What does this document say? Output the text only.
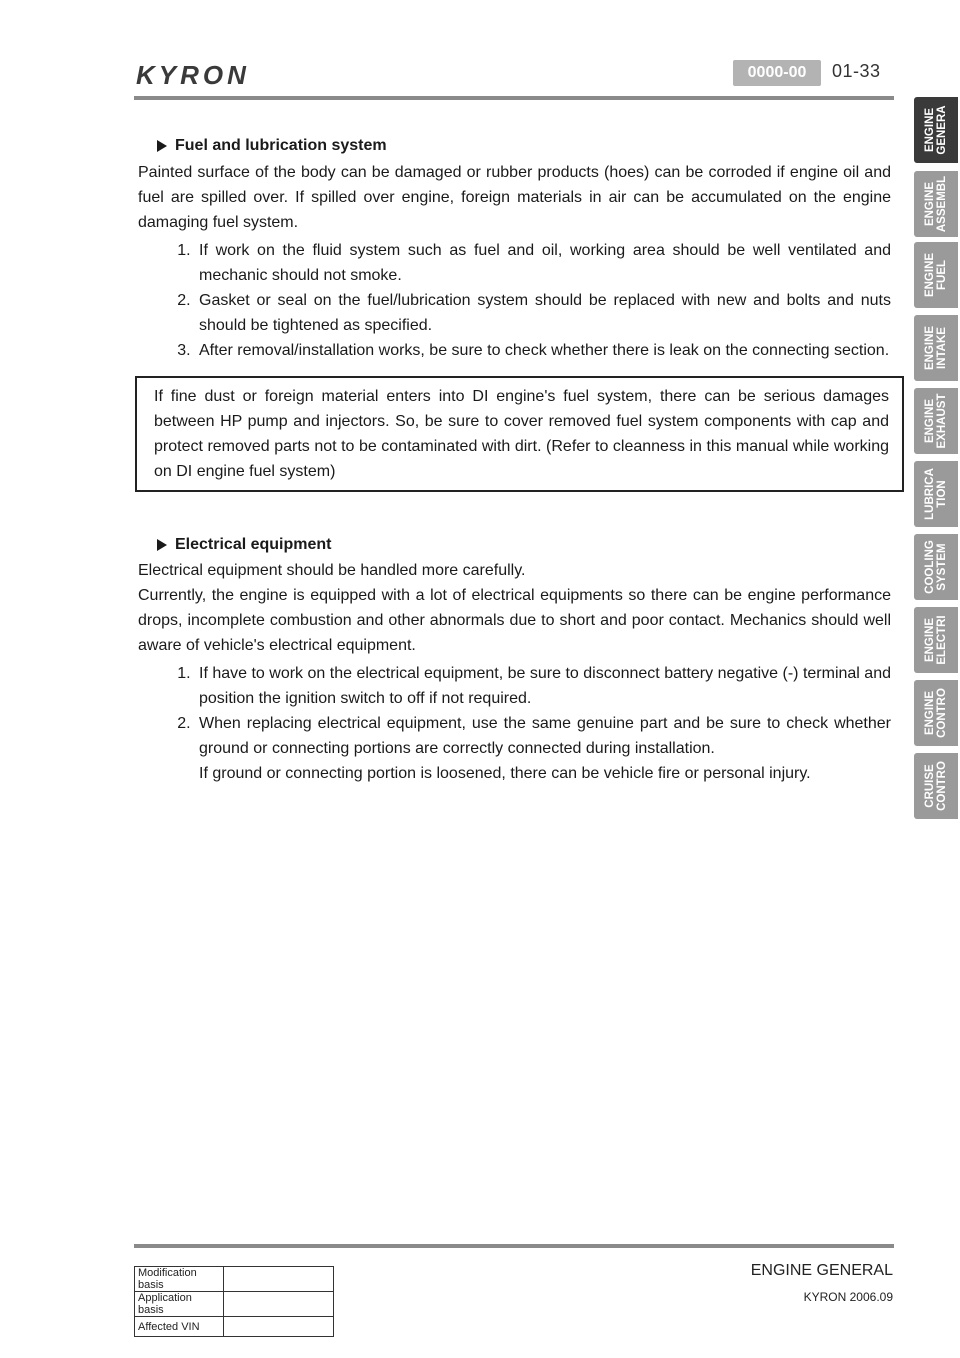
KYRON	0000-00	01-33
ENGINE
GENERA
ENGINE
ASSEMBL
ENGINE
FUEL
ENGINE
INTAKE
ENGINE
EXHAUST
LUBRICA
TION
COOLING
SYSTEM
ENGINE
ELECTRI
ENGINE
CONTRO
CRUISE
CONTRO
Fuel and lubrication system

Painted surface of the body can be damaged or rubber products (hoes) can be corroded if engine oil and fuel are spilled over. If spilled over engine, foreign materials in air can be accumulated on the engine damaging fuel system.

1. If work on the fluid system such as fuel and oil, working area should be well ventilated and mechanic should not smoke.
2. Gasket or seal on the fuel/lubrication system should be replaced with new and bolts and nuts should be tightened as specified.
3. After removal/installation works, be sure to check whether there is leak on the connecting section.
If fine dust or foreign material enters into DI engine's fuel system, there can be serious damages between HP pump and injectors. So, be sure to cover removed fuel system components with cap and protect removed parts not to be contaminated with dirt. (Refer to cleanness in this manual while working on DI engine fuel system)
Electrical equipment

Electrical equipment should be handled more carefully.

Currently, the engine is equipped with a lot of electrical equipments so there can be engine performance drops, incomplete combustion and other abnormals due to short and poor contact. Mechanics should well aware of vehicle's electrical equipment.

1. If have to work on the electrical equipment, be sure to disconnect battery negative (-) terminal and position the ignition switch to off if not required.
2. When replacing electrical equipment, use the same genuine part and be sure to check whether ground or connecting portions are correctly connected during installation.
If ground or connecting portion is loosened, there can be vehicle fire or personal injury.
Modification basis	
Application basis	
Affected VIN	
ENGINE GENERAL
KYRON 2006.09
